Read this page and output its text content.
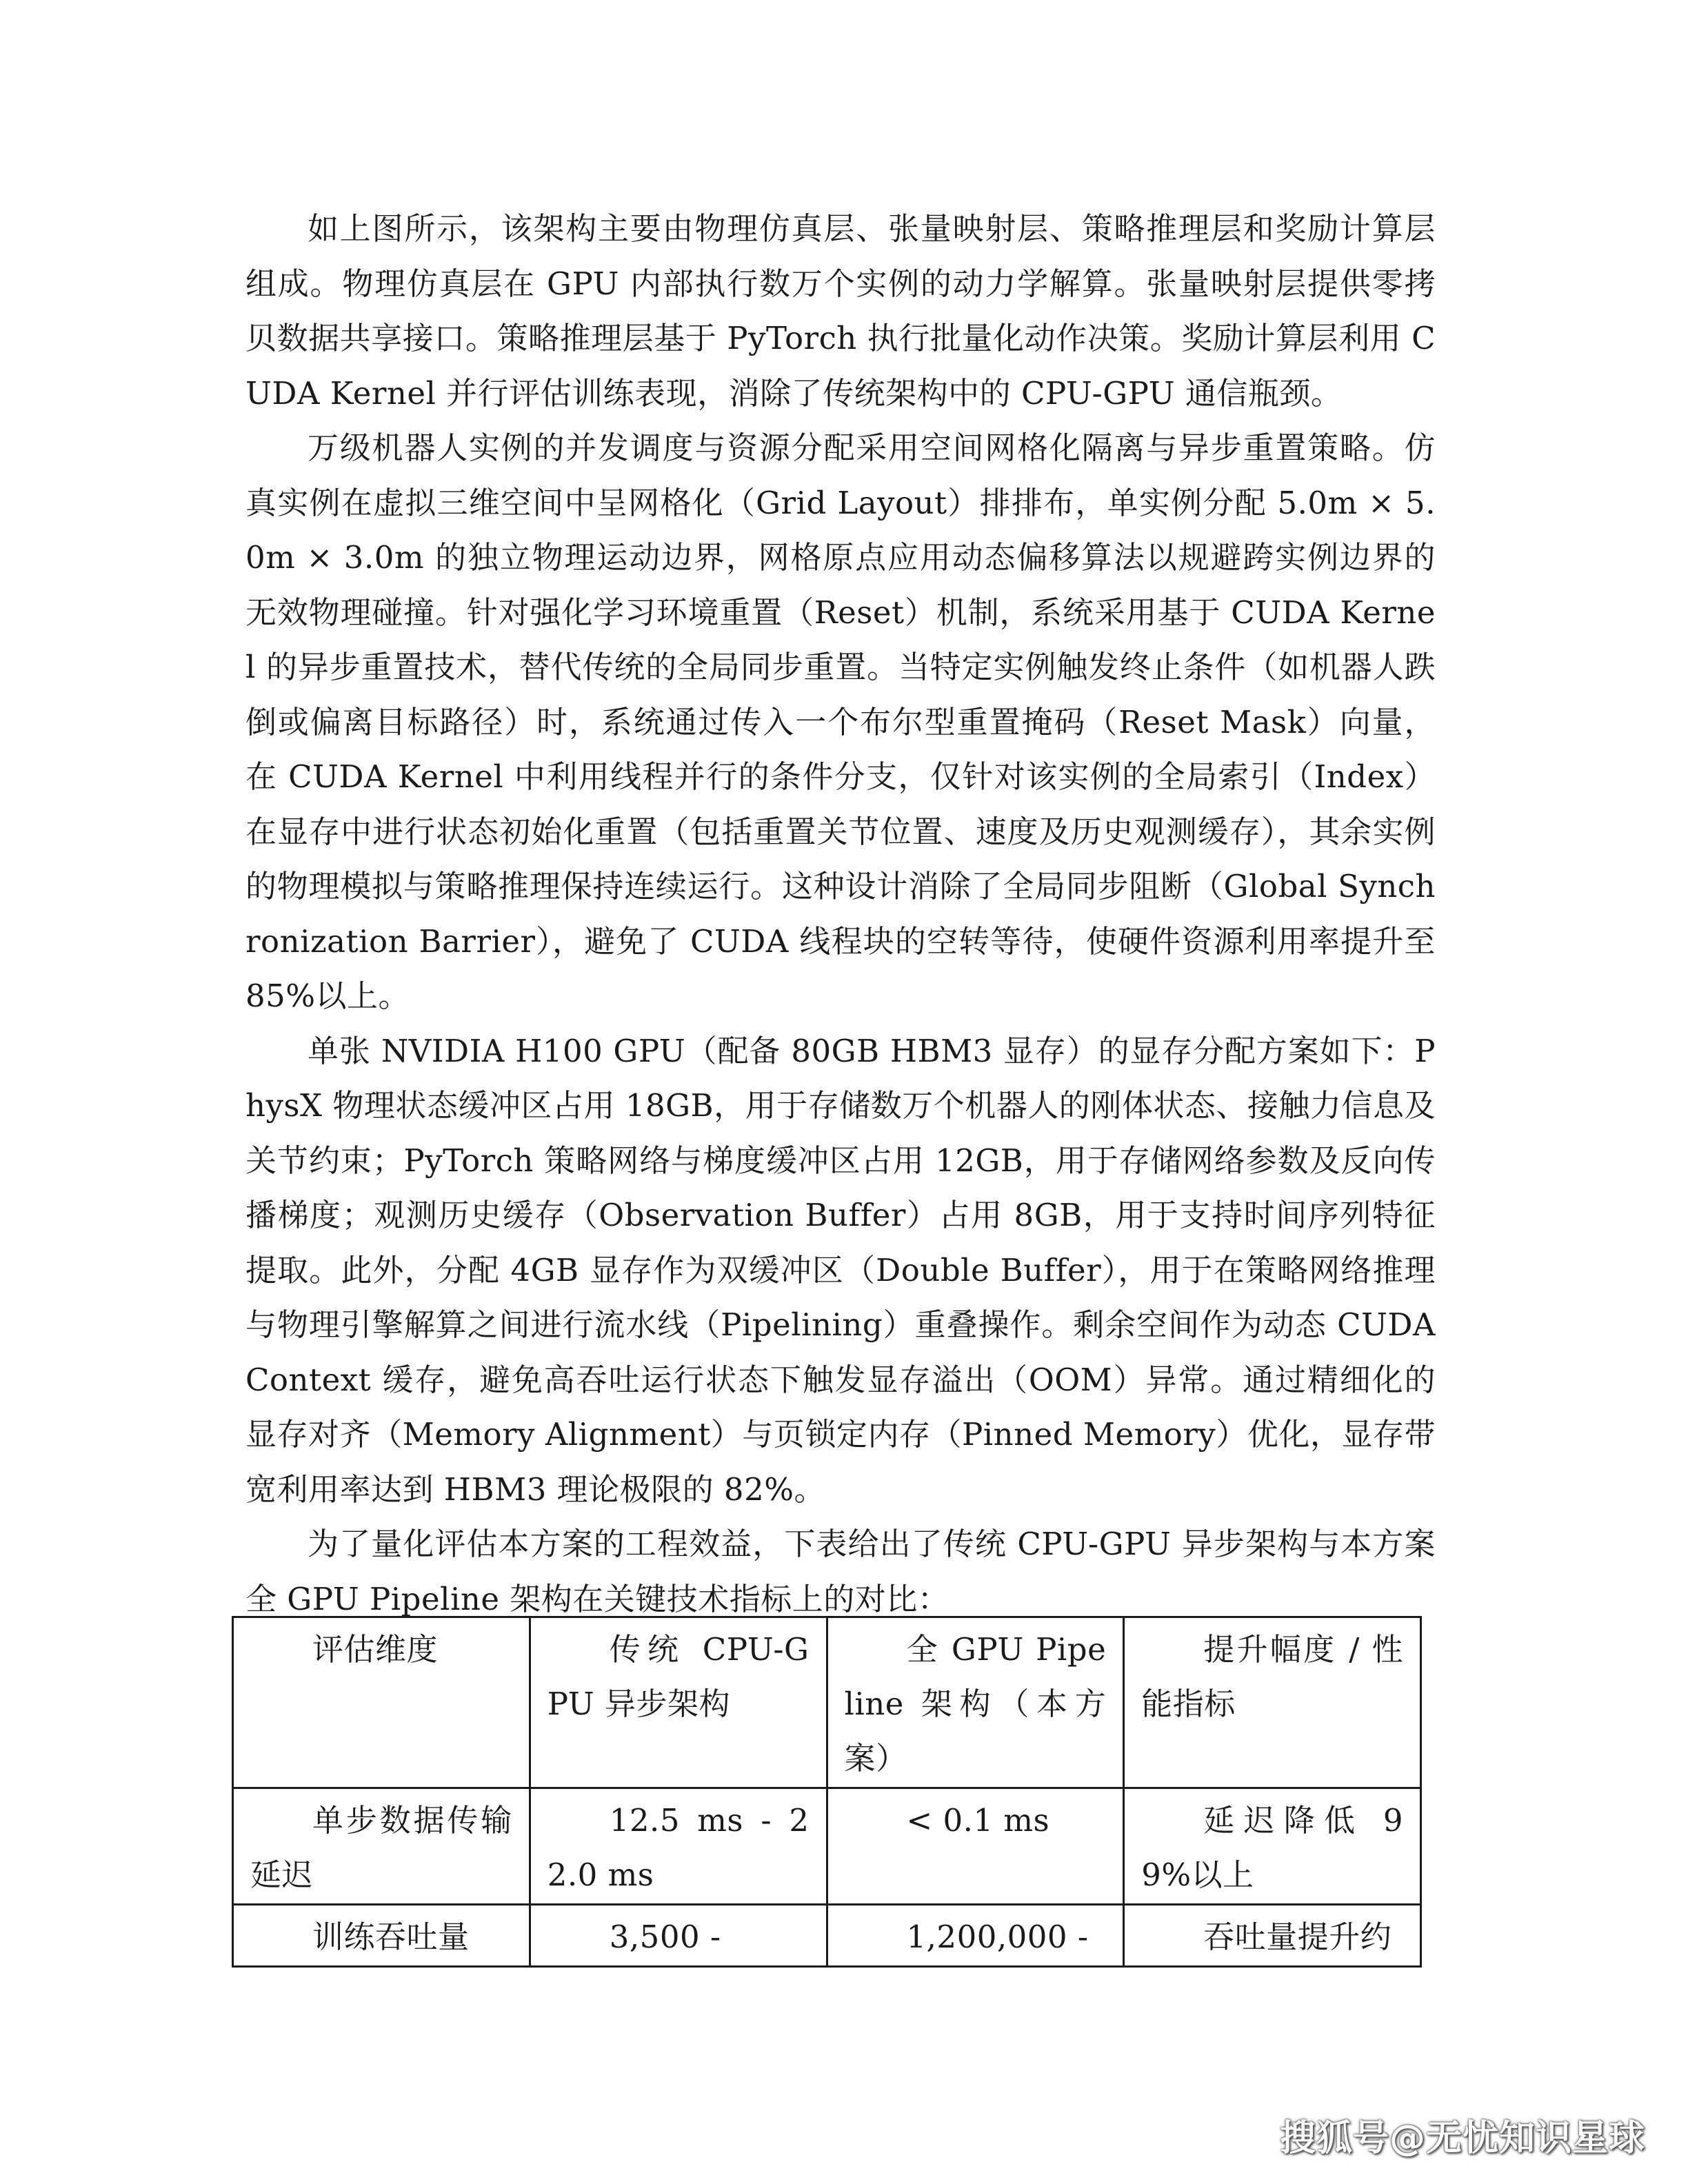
如上图所示，该架构主要由物理仿真层、张量映射层、策略推理层和奖励计算层组成。物理仿真层在 GPU 内部执行数万个实例的动力学解算。张量映射层提供零拷贝数据共享接口。策略推理层基于 PyTorch 执行批量化动作决策。奖励计算层利用 CUDA Kernel 并行评估训练表现，消除了传统架构中的 CPU-GPU 通信瓶颈。

万级机器人实例的并发调度与资源分配采用空间网格化隔离与异步重置策略。仿真实例在虚拟三维空间中呈网格化（Grid Layout）排排布，单实例分配 5.0m × 5.0m × 3.0m 的独立物理运动边界，网格原点应用动态偏移算法以规避跨实例边界的无效物理碰撞。针对强化学习环境重置（Reset）机制，系统采用基于 CUDA Kernel 的异步重置技术，替代传统的全局同步重置。当特定实例触发终止条件（如机器人跌倒或偏离目标路径）时，系统通过传入一个布尔型重置掩码（Reset Mask）向量，在 CUDA Kernel 中利用线程并行的条件分支，仅针对该实例的全局索引（Index）在显存中进行状态初始化重置（包括重置关节位置、速度及历史观测缓存），其余实例的物理模拟与策略推理保持连续运行。这种设计消除了全局同步阻断（Global Synchronization Barrier），避免了 CUDA 线程块的空转等待，使硬件资源利用率提升至 85%以上。

单张 NVIDIA H100 GPU（配备 80GB HBM3 显存）的显存分配方案如下：PhysX 物理状态缓冲区占用 18GB，用于存储数万个机器人的刚体状态、接触力信息及关节约束；PyTorch 策略网络与梯度缓冲区占用 12GB，用于存储网络参数及反向传播梯度；观测历史缓存（Observation Buffer）占用 8GB，用于支持时间序列特征提取。此外，分配 4GB 显存作为双缓冲区（Double Buffer），用于在策略网络推理与物理引擎解算之间进行流水线（Pipelining）重叠操作。剩余空间作为动态 CUDA Context 缓存，避免高吞吐运行状态下触发显存溢出（OOM）异常。通过精细化的显存对齐（Memory Alignment）与页锁定内存（Pinned Memory）优化，显存带宽利用率达到 HBM3 理论极限的 82%。

为了量化评估本方案的工程效益，下表给出了传统 CPU-GPU 异步架构与本方案全 GPU Pipeline 架构在关键技术指标上的对比：

评估维度	传统 CPU-GPU 异步架构	全 GPU Pipeline 架构（本方案）	提升幅度 / 性能指标

单步数据传输延迟	12.5 ms - 22.0 ms	< 0.1 ms	延迟降低 99%以上

训练吞吐量	3,500 -	1,200,000 -	吞吐量提升约
搜狐号@无忧知识星球
